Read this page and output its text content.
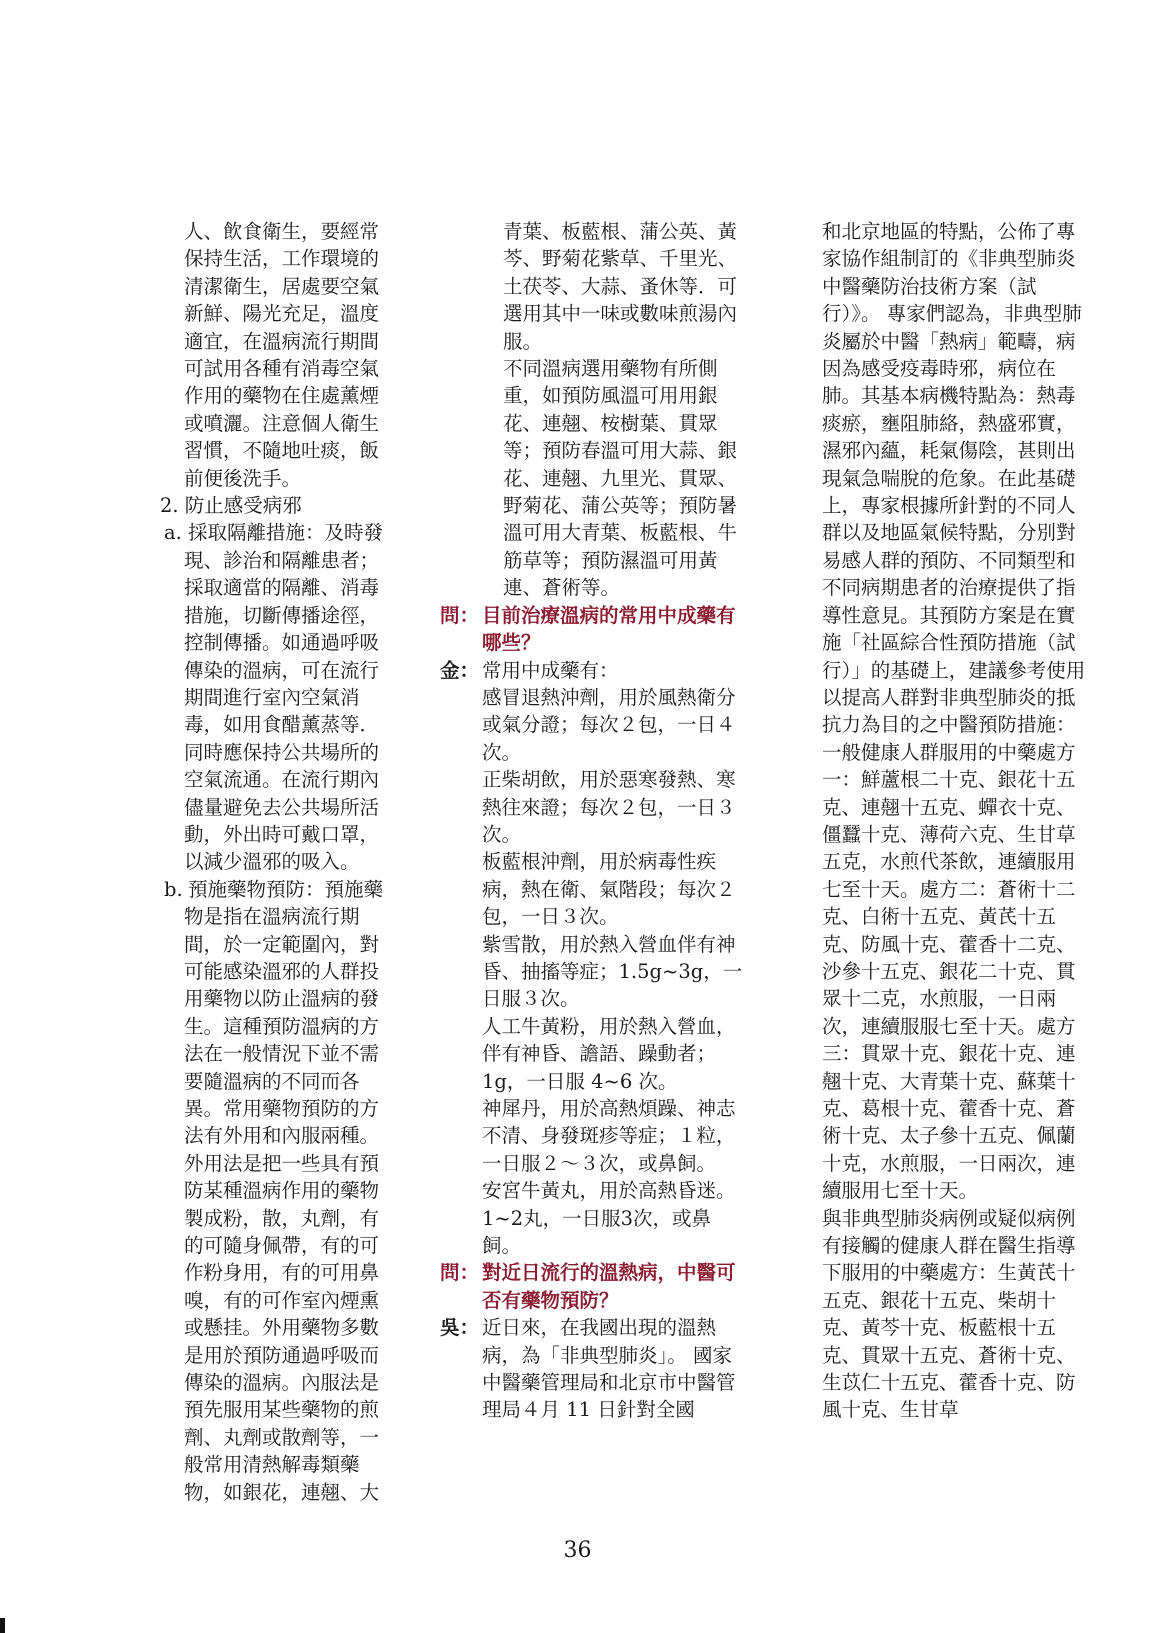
人、飲食衛生，要經常保持生活，工作環境的清潔衛生，居處要空氣新鮮、陽光充足，溫度適宜，在溫病流行期間可試用各種有消毒空氣作用的藥物在住處薰煙或噴灑。注意個人衛生習慣，不隨地吐痰，飯前便後洗手。

2. 防止感受病邪

a. 採取隔離措施：及時發現、診治和隔離患者；採取適當的隔離、消毒措施，切斷傳播途徑，控制傳播。如通過呼吸傳染的溫病，可在流行期間進行室內空氣消毒，如用食醋薰蒸等．同時應保持公共場所的空氣流通。在流行期內儘量避免去公共場所活動，外出時可戴口罩，以減少溫邪的吸入。

b. 預施藥物預防：預施藥物是指在溫病流行期間，於一定範圍內，對可能感染溫邪的人群投用藥物以防止溫病的發生。這種預防溫病的方法在一般情況下並不需要隨溫病的不同而各異。常用藥物預防的方法有外用和內服兩種。

外用法是把一些具有預防某種溫病作用的藥物製成粉，散，丸劑，有的可隨身佩帶，有的可作粉身用，有的可用鼻嗅，有的可作室內煙熏或懸挂。外用藥物多數是用於預防通過呼吸而傳染的溫病。內服法是預先服用某些藥物的煎劑、丸劑或散劑等，一般常用清熱解毒類藥物，如銀花，連翹、大

青葉、板藍根、蒲公英、黃芩、野菊花紫草、千里光、土茯苓、大蒜、蚤休等．可選用其中一味或數味煎湯內服。

不同溫病選用藥物有所側重，如預防風溫可用用銀花、連翹、桉樹葉、貫眾等；預防春溫可用大蒜、銀花、連翹、九里光、貫眾、野菊花、蒲公英等；預防暑溫可用大青葉、板藍根、牛筋草等；預防濕溫可用黃連、蒼術等。

問： 目前治療溫病的常用中成藥有哪些？
金： 常用中成藥有：

感冒退熱沖劑，用於風熱衛分或氣分證；每次２包，一日４次。

正柴胡飲，用於惡寒發熱、寒熱往來證；每次２包，一日３次。

板藍根沖劑，用於病毒性疾病，熱在衛、氣階段；每次２包，一日３次。

紫雪散，用於熱入營血伴有神昏、抽搐等症；1.5g~3g，一日服３次。

人工牛黃粉，用於熱入營血，伴有神昏、譫語、躁動者；1g，一日服 4~6 次。

神犀丹，用於高熱煩躁、神志不清、身發斑疹等症；１粒，一日服２～３次，或鼻飼。

安宮牛黃丸，用於高熱昏迷。1~2丸，一日服3次，或鼻飼。

問： 對近日流行的溫熱病，中醫可否有藥物預防？
吳： 近日來，在我國出現的溫熱病，為「非典型肺炎」。 國家中醫藥管理局和北京市中醫管理局４月 11 日針對全國

和北京地區的特點，公佈了專家協作組制訂的《非典型肺炎中醫藥防治技術方案（試行）》。 專家們認為，非典型肺炎屬於中醫「熱病」範疇，病因為感受疫毒時邪，病位在肺。其基本病機特點為：熱毒痰瘀，壅阻肺絡，熱盛邪實，濕邪內蘊，耗氣傷陰，甚則出現氣急喘脫的危象。在此基礎上，專家根據所針對的不同人群以及地區氣候特點，分別對易感人群的預防、不同類型和不同病期患者的治療提供了指導性意見。其預防方案是在實施「社區綜合性預防措施（試行）」的基礎上，建議參考使用以提高人群對非典型肺炎的抵抗力為目的之中醫預防措施：一般健康人群服用的中藥處方一：鮮蘆根二十克、銀花十五克、連翹十五克、蟬衣十克、僵蠶十克、薄荷六克、生甘草五克，水煎代茶飲，連續服用七至十天。處方二：蒼術十二克、白術十五克、黃芪十五克、防風十克、藿香十二克、沙參十五克、銀花二十克、貫眾十二克，水煎服，一日兩次，連續服服七至十天。處方三：貫眾十克、銀花十克、連翹十克、大青葉十克、蘇葉十克、葛根十克、藿香十克、蒼術十克、太子參十五克、佩蘭十克，水煎服，一日兩次，連續服用七至十天。

與非典型肺炎病例或疑似病例有接觸的健康人群在醫生指導下服用的中藥處方：生黃芪十五克、銀花十五克、柴胡十克、黃芩十克、板藍根十五克、貫眾十五克、蒼術十克、生苡仁十五克、藿香十克、防風十克、生甘草

36
